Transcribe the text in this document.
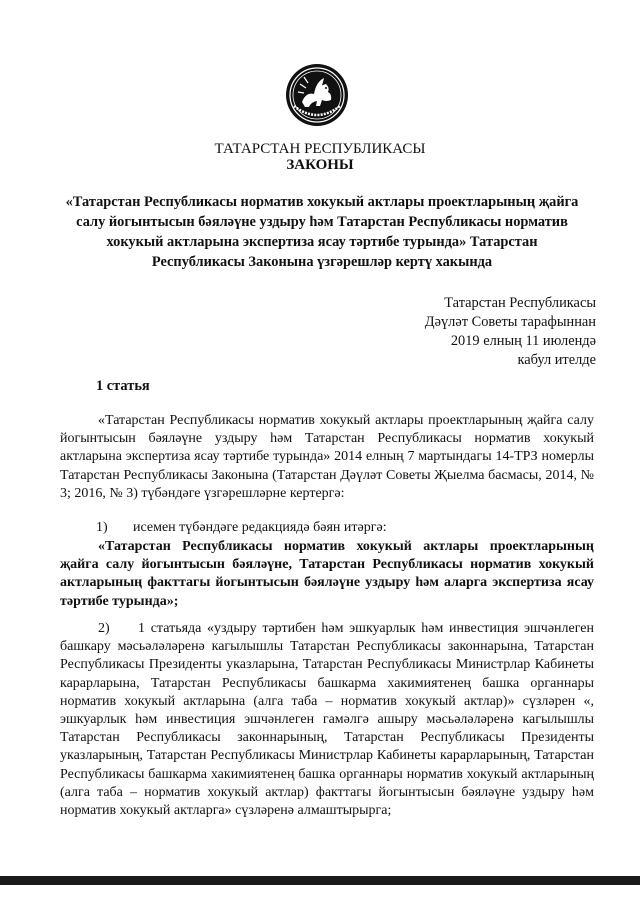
ТАТАРСТАН РЕСПУБЛИКАСЫ
ЗАКОНЫ
«Татарстан Республикасы норматив хокукый актлары проектларының җайга салу йогынтысын бәяләүне уздыру һәм Татарстан Республикасы норматив хокукый актларына экспертиза ясау тәртибе турында» Татарстан Республикасы Законына үзгәрешләр кертү хакында
Татарстан Республикасы
Дәүләт Советы тарафыннан
2019 елның 11 июлендә
кабул ителде
1 статья
«Татарстан Республикасы норматив хокукый актлары проектларының җайга салу йогынтысын бәяләүне уздыру һәм Татарстан Республикасы норматив хокукый актларына экспертиза ясау тәртибе турында» 2014 елның 7 мартындагы 14-ТРЗ номерлы Татарстан Республикасы Законына (Татарстан Дәүләт Советы Җыелма басмасы, 2014, № 3; 2016, № 3) түбәндәге үзгәрешләрне кертергә:
1) исемен түбәндәге редакциядә бәян итәргә:
«Татарстан Республикасы норматив хокукый актлары проектларының җайга салу йогынтысын бәяләүне, Татарстан Республикасы норматив хокукый актларының факттагы йогынтысын бәяләүне уздыру һәм аларга экспертиза ясау тәртибе турында»;
2) 1 статьяда «уздыру тәртибен һәм эшкуарлык һәм инвестиция эшчәнлеген башкару мәсьәләләренә кагылышлы Татарстан Республикасы законнарына, Татарстан Республикасы Президенты указларына, Татарстан Республикасы Министрлар Кабинеты карарларына, Татарстан Республикасы башкарма хакимиятенең башка органнары норматив хокукый актларына (алга таба – норматив хокукый актлар)» сүзләрен «, эшкуарлык һәм инвестиция эшчәнлеген гамәлгә ашыру мәсьәләләренә кагылышлы Татарстан Республикасы законнарының, Татарстан Республикасы Президенты указларының, Татарстан Республикасы Министрлар Кабинеты карарларының, Татарстан Республикасы башкарма хакимиятенең башка органнары норматив хокукый актларының (алга таба – норматив хокукый актлар) факттагы йогынтысын бәяләүне уздыру һәм норматив хокукый актларга» сүзләренә алмаштырырга;
